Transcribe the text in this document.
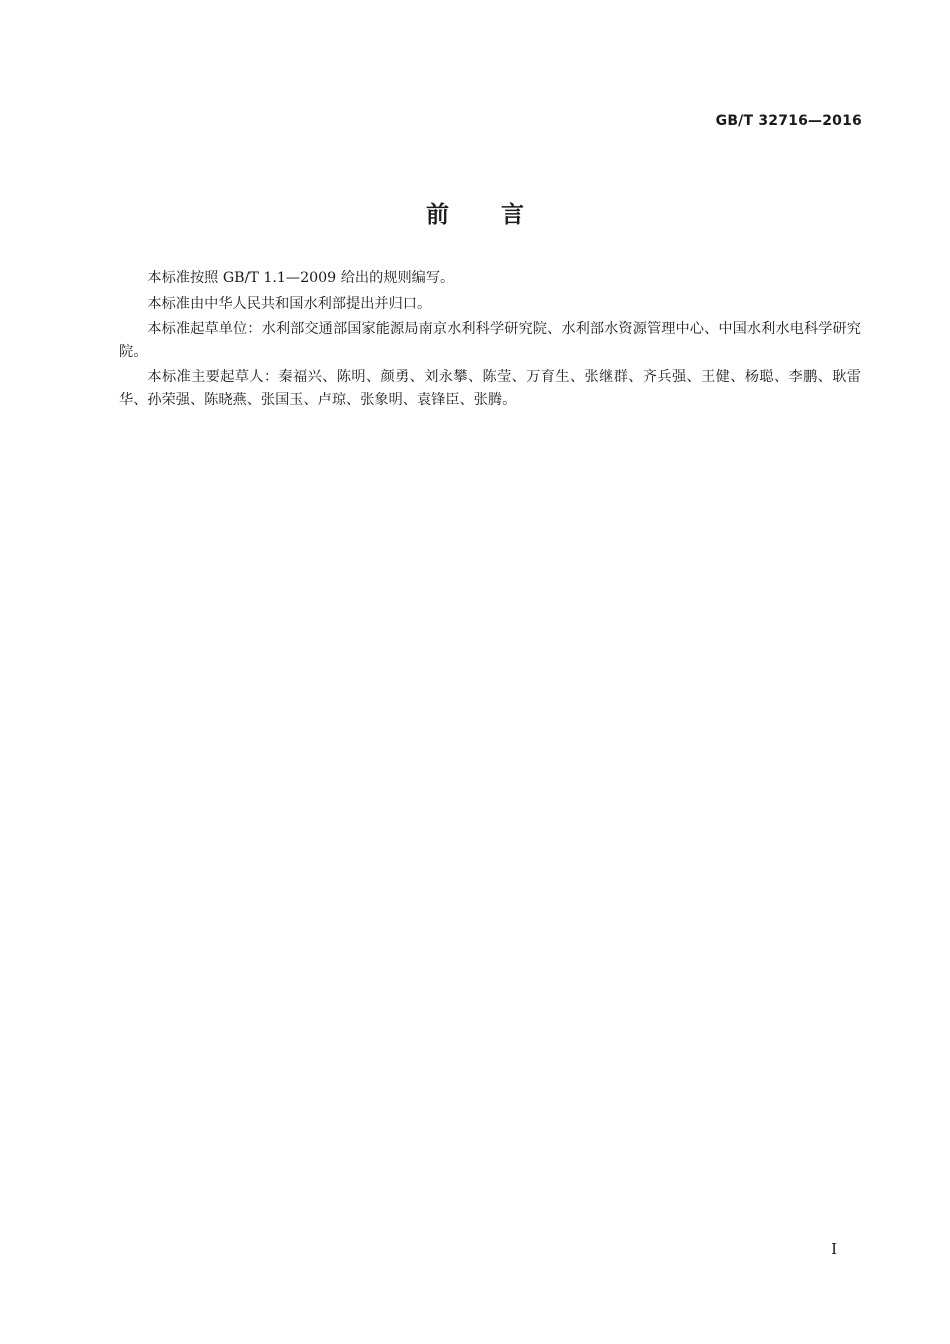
GB/T 32716—2016
前言

本标准按照 GB/T 1.1—2009 给出的规则编写。

本标准由中华人民共和国水利部提出并归口。

本标准起草单位：水利部交通部国家能源局南京水利科学研究院、水利部水资源管理中心、中国水利水电科学研究院。

本标准主要起草人：秦福兴、陈明、颜勇、刘永攀、陈莹、万育生、张继群、齐兵强、王健、杨聪、李鹏、耿雷华、孙荣强、陈晓燕、张国玉、卢琼、张象明、袁锋臣、张腾。

I
